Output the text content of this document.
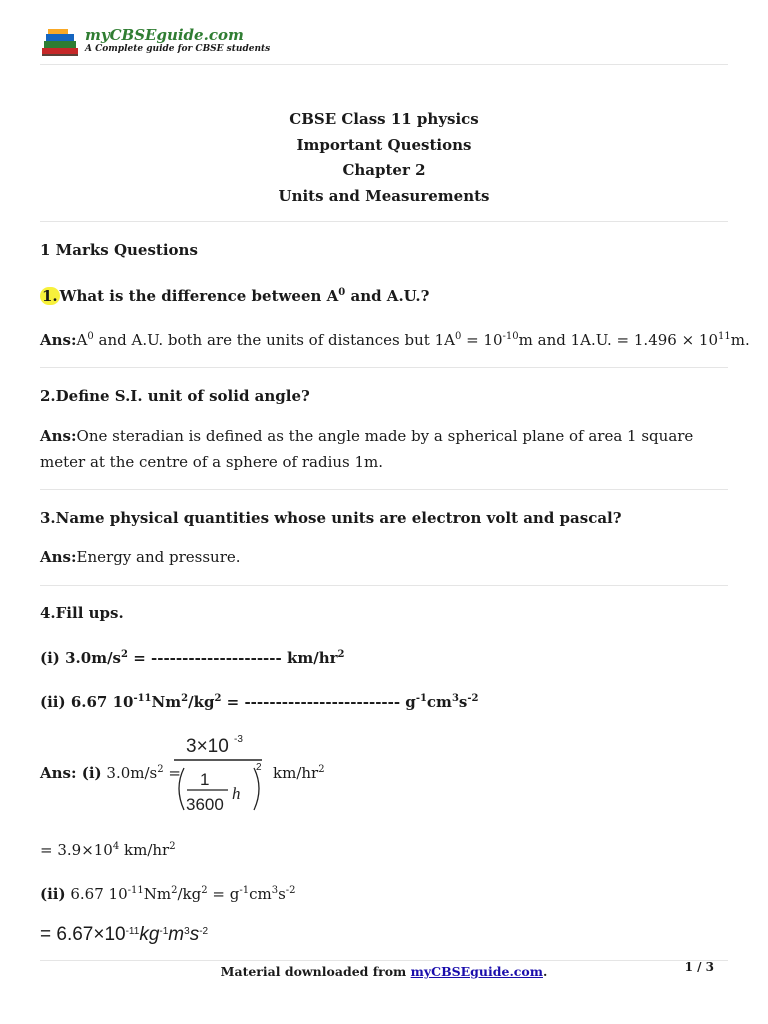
myCBSEguide.com
A Complete guide for CBSE students
CBSE Class 11 physics
Important Questions
Chapter 2
Units and Measurements
1 Marks Questions
1. What is the difference between $A^0$ and A.U.?
$Ans:A^0$ and A.U. both are the units of distances but $1A^0 = 10^{-10}m$ and 1A.U. = $1.496 \times 10^{11}m$.
2.Define S.I. unit of solid angle?
Ans:One steradian is defined as the angle made by a spherical plane of area 1 square meter at the centre of a sphere of radius 1m.
3.Name physical quantities whose units are electron volt and pascal?
Ans:Energy and pressure.
4.Fill ups.
(i) $3.0m/s^2$ = --------------------- $km/hr^2$
(ii) 6.67 $10^{-11}Nm^2/kg^2$ = ------------------------- $g^{-1}cm^3s^{-2}$
Ans: (i) $3.0m/s^2$ =
3×10 -3
1
3600
h
2 $km/hr^2$
= $3.9\times 10^4$ $km/hr^2$
(ii) 6.67 $10^{-11}Nm^2/kg^2 = g^{-1}cm^3s^{-2}$
= $6.67\times 10^{-11}kg^{-1}m^3s^{-2}$
Material downloaded from myCBSEguide.com.	1 / 3
